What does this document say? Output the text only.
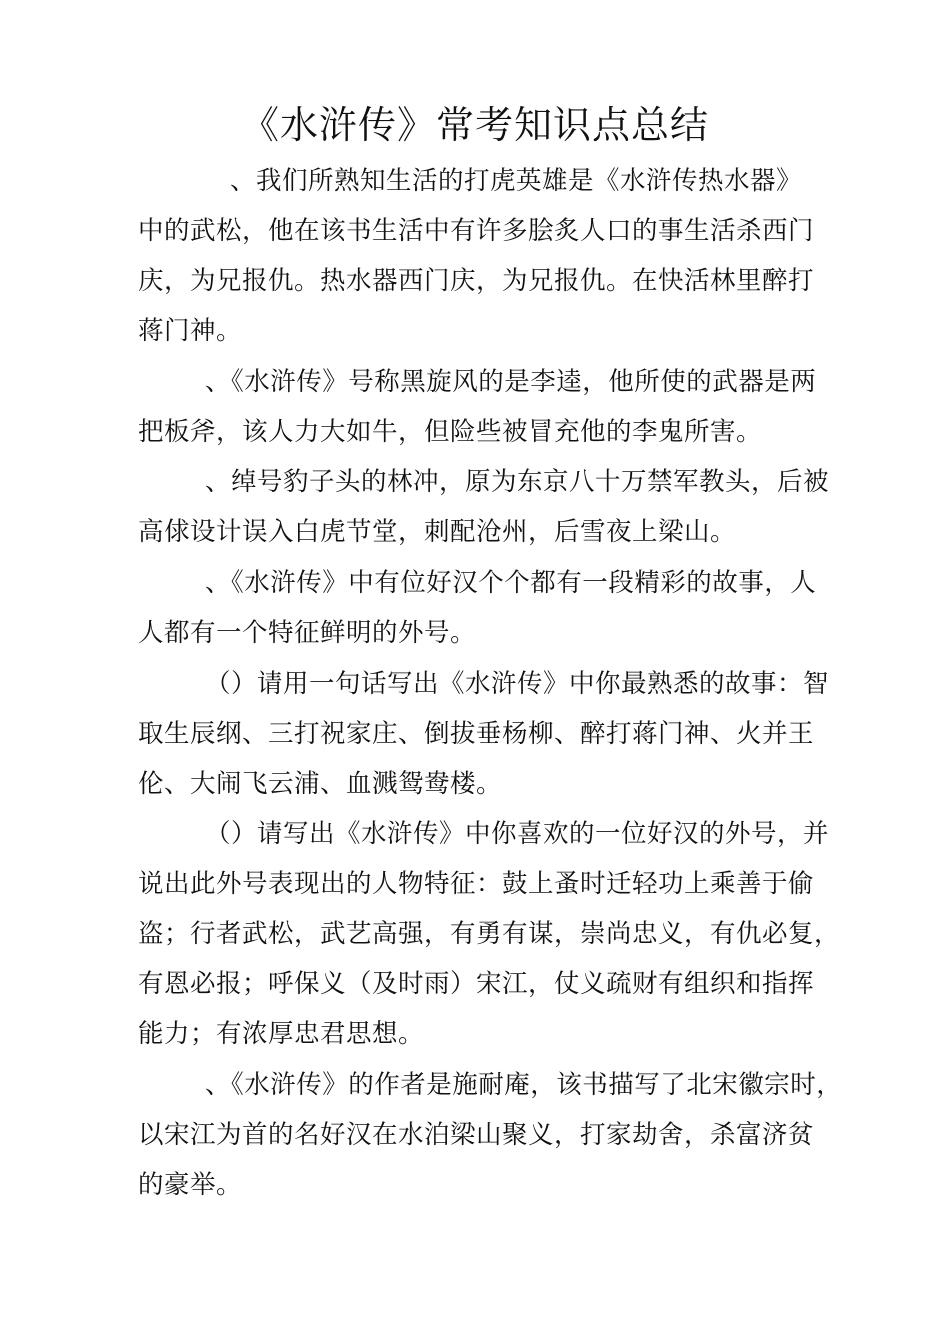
《水浒传》常考知识点总结
、我们所熟知生活的打虎英雄是《水浒传热水器》
中的武松，他在该书生活中有许多脍炙人口的事生活杀西门
庆，为兄报仇。热水器西门庆，为兄报仇。在快活林里醉打
蒋门神。
、《水浒传》号称黑旋风的是李逵，他所使的武器是两
把板斧，该人力大如牛，但险些被冒充他的李鬼所害。
、绰号豹子头的林冲，原为东京八十万禁军教头，后被
高俅设计误入白虎节堂，刺配沧州，后雪夜上梁山。
、《水浒传》中有位好汉个个都有一段精彩的故事，人
人都有一个特征鲜明的外号。
（）请用一句话写出《水浒传》中你最熟悉的故事：智
取生辰纲、三打祝家庄、倒拔垂杨柳、醉打蒋门神、火并王
伦、大闹飞云浦、血溅鸳鸯楼。
（）请写出《水浒传》中你喜欢的一位好汉的外号，并
说出此外号表现出的人物特征：鼓上蚤时迁轻功上乘善于偷
盗；行者武松，武艺高强，有勇有谋，崇尚忠义，有仇必复，
有恩必报；呼保义（及时雨）宋江，仗义疏财有组织和指挥
能力；有浓厚忠君思想。
、《水浒传》的作者是施耐庵，该书描写了北宋徽宗时，
以宋江为首的名好汉在水泊梁山聚义，打家劫舍，杀富济贫
的豪举。
